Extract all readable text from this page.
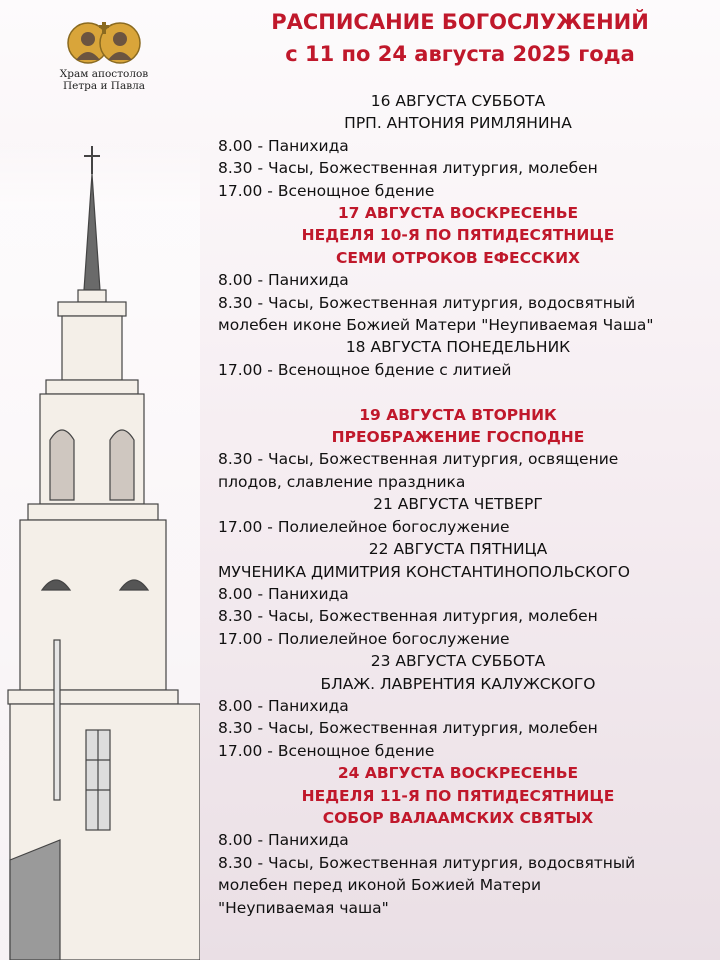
Храм апостолов
Петра и Павла
РАСПИСАНИЕ БОГОСЛУЖЕНИЙ
с 11 по 24 августа 2025 года
16 АВГУСТА СУББОТА
ПРП. АНТОНИЯ РИМЛЯНИНА
8.00 - Панихида
8.30 - Часы, Божественная литургия, молебен
17.00 - Всенощное бдение
17 АВГУСТА ВОСКРЕСЕНЬЕ
НЕДЕЛЯ 10-Я ПО ПЯТИДЕСЯТНИЦЕ
СЕМИ ОТРОКОВ ЕФЕССКИХ
8.00 - Панихида
8.30 - Часы, Божественная литургия, водосвятный
молебен иконе Божией Матери "Неупиваемая Чаша"
18 АВГУСТА ПОНЕДЕЛЬНИК
17.00 - Всенощное бдение с литией
19 АВГУСТА ВТОРНИК
ПРЕОБРАЖЕНИЕ ГОСПОДНЕ
8.30 - Часы, Божественная литургия, освящение
плодов, славление праздника
21 АВГУСТА ЧЕТВЕРГ
17.00 - Полиелейное богослужение
22 АВГУСТА ПЯТНИЦА
МУЧЕНИКА ДИМИТРИЯ КОНСТАНТИНОПОЛЬСКОГО
8.00 - Панихида
8.30 - Часы, Божественная литургия, молебен
17.00 - Полиелейное богослужение
23 АВГУСТА СУББОТА
БЛАЖ. ЛАВРЕНТИЯ КАЛУЖСКОГО
8.00 - Панихида
8.30 - Часы, Божественная литургия, молебен
17.00 - Всенощное бдение
24 АВГУСТА ВОСКРЕСЕНЬЕ
НЕДЕЛЯ 11-Я ПО ПЯТИДЕСЯТНИЦЕ
СОБОР ВАЛААМСКИХ СВЯТЫХ
8.00 - Панихида
8.30 - Часы, Божественная литургия, водосвятный
молебен перед иконой Божией Матери
"Неупиваемая чаша"
